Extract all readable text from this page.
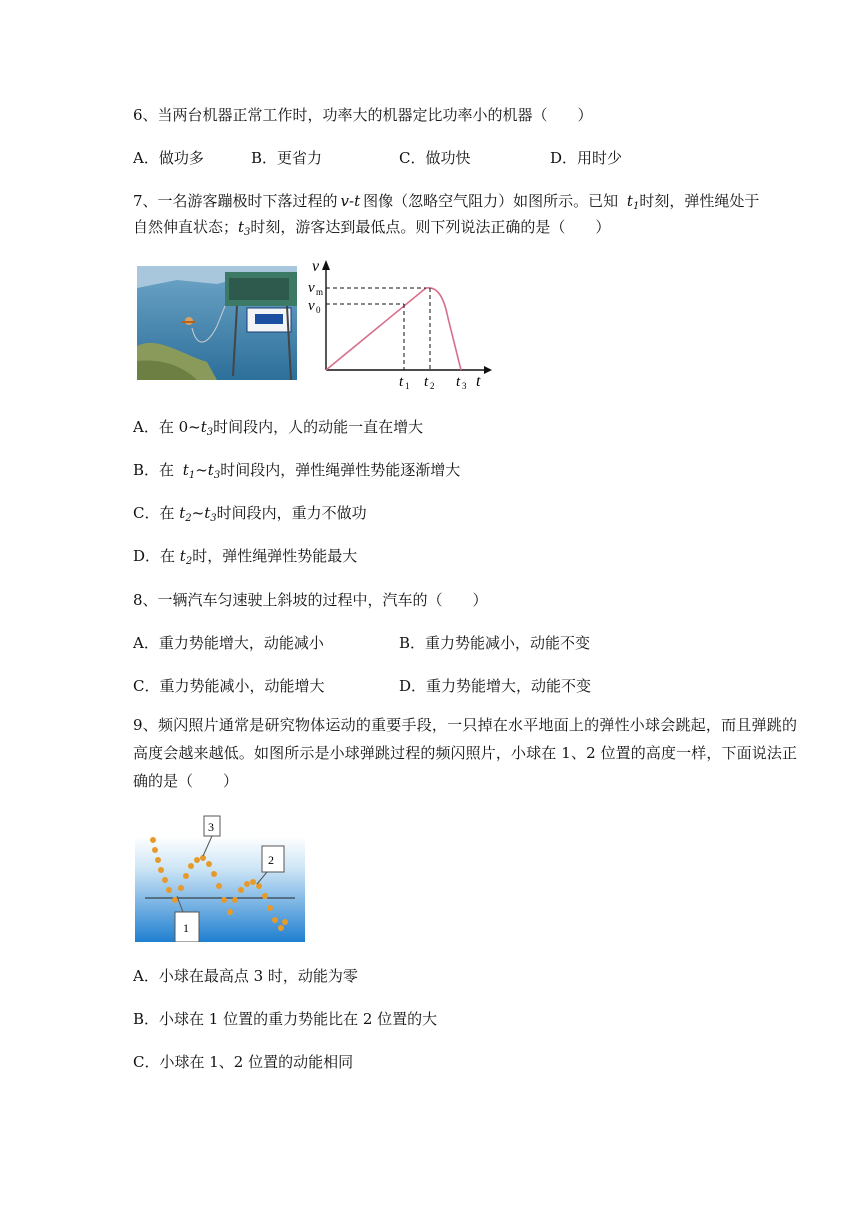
6、当两台机器正常工作时，功率大的机器定比功率小的机器（　　）
A．做功多	B．更省力	C．做功快	D．用时少
7、一名游客蹦极时下落过程的 v-t 图像（忽略空气阻力）如图所示。已知 $t_1$时刻，弹性绳处于
自然伸直状态；$t_3$时刻，游客达到最低点。则下列说法正确的是（　　）
v
v m
v 0
t 1 t 2 t 3 t
A．在 $0\sim t_3$时间段内，人的动能一直在增大
B．在 $t_1\sim t_3$时间段内，弹性绳弹性势能逐渐增大
C．在 $t_2\sim t_3$时间段内，重力不做功
D．在 $t_2$时，弹性绳弹性势能最大
8、一辆汽车匀速驶上斜坡的过程中，汽车的（　　）
A．重力势能增大，动能减小	B．重力势能减小，动能不变
C．重力势能减小，动能增大	D．重力势能增大，动能不变
9、频闪照片通常是研究物体运动的重要手段，一只掉在水平地面上的弹性小球会跳起，而且弹跳的高度会越来越低。如图所示是小球弹跳过程的频闪照片，小球在 1、2 位置的高度一样，下面说法正确的是（　　）
3
2
1
A．小球在最高点 3 时，动能为零
B．小球在 1 位置的重力势能比在 2 位置的大
C．小球在 1、2 位置的动能相同
